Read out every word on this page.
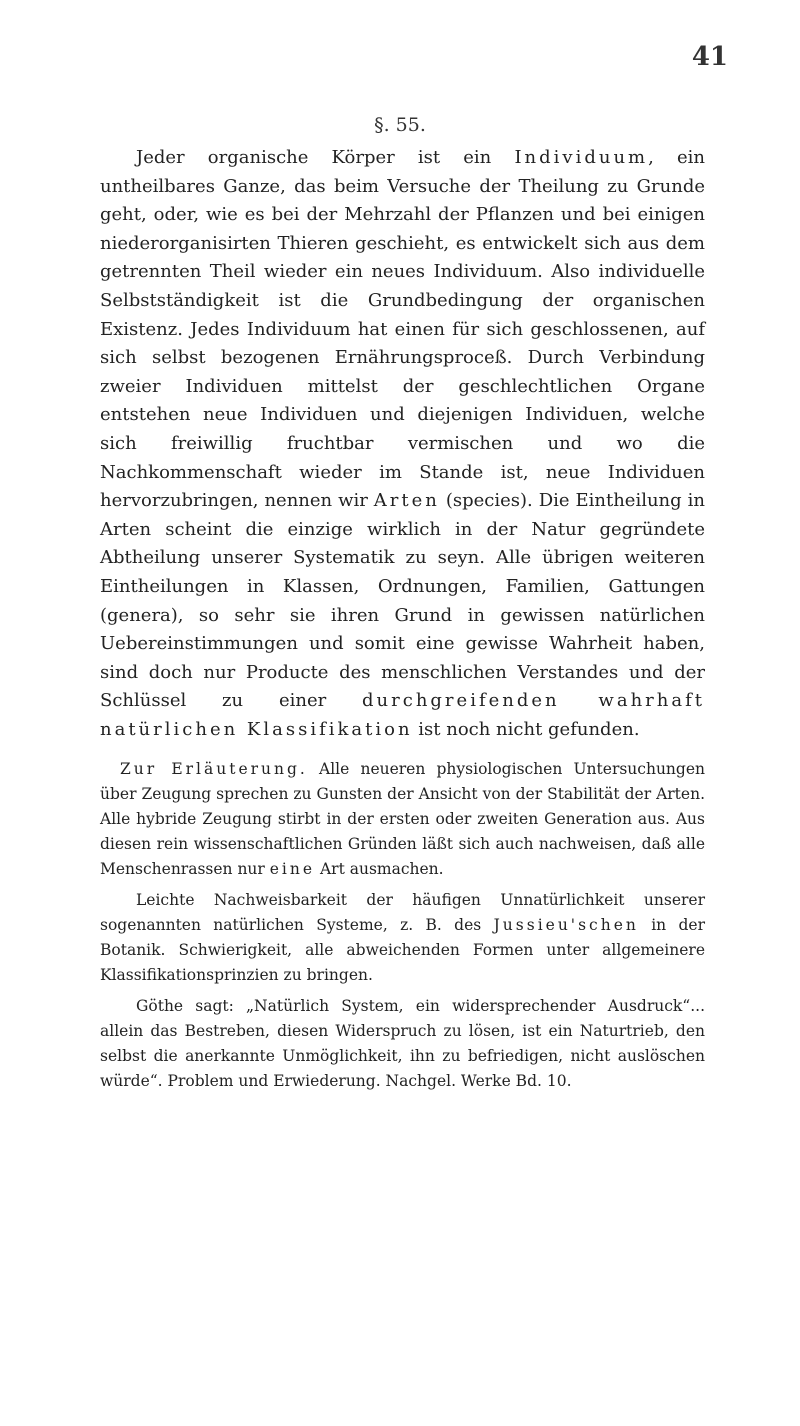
41
§. 55.

Jeder organische Körper ist ein Individuum, ein untheilbares Ganze, das beim Versuche der Theilung zu Grunde geht, oder, wie es bei der Mehrzahl der Pflanzen und bei einigen niederorganisirten Thieren geschieht, es entwickelt sich aus dem getrennten Theil wieder ein neues Individuum. Also individuelle Selbstständigkeit ist die Grundbedingung der organischen Existenz. Jedes Individuum hat einen für sich geschlossenen, auf sich selbst bezogenen Ernährungsproceß. Durch Verbindung zweier Individuen mittelst der geschlechtlichen Organe entstehen neue Individuen und diejenigen Individuen, welche sich freiwillig fruchtbar vermischen und wo die Nachkommenschaft wieder im Stande ist, neue Individuen hervorzubringen, nennen wir Arten (species). Die Eintheilung in Arten scheint die einzige wirklich in der Natur gegründete Abtheilung unserer Systematik zu seyn. Alle übrigen weiteren Eintheilungen in Klassen, Ordnungen, Familien, Gattungen (genera), so sehr sie ihren Grund in gewissen natürlichen Uebereinstimmungen und somit eine gewisse Wahrheit haben, sind doch nur Producte des menschlichen Verstandes und der Schlüssel zu einer durchgreifenden wahrhaft natürlichen Klassifikation ist noch nicht gefunden.

Zur Erläuterung. Alle neueren physiologischen Untersuchungen über Zeugung sprechen zu Gunsten der Ansicht von der Stabilität der Arten. Alle hybride Zeugung stirbt in der ersten oder zweiten Generation aus. Aus diesen rein wissenschaftlichen Gründen läßt sich auch nachweisen, daß alle Menschenrassen nur eine Art ausmachen.

Leichte Nachweisbarkeit der häufigen Unnatürlichkeit unserer sogenannten natürlichen Systeme, z. B. des Jussieu'schen in der Botanik. Schwierigkeit, alle abweichenden Formen unter allgemeinere Klassifikationsprinzien zu bringen.

Göthe sagt: „Natürlich System, ein widersprechender Ausdruck“... allein das Bestreben, diesen Widerspruch zu lösen, ist ein Naturtrieb, den selbst die anerkannte Unmöglichkeit, ihn zu befriedigen, nicht auslöschen würde“. Problem und Erwiederung. Nachgel. Werke Bd. 10.
